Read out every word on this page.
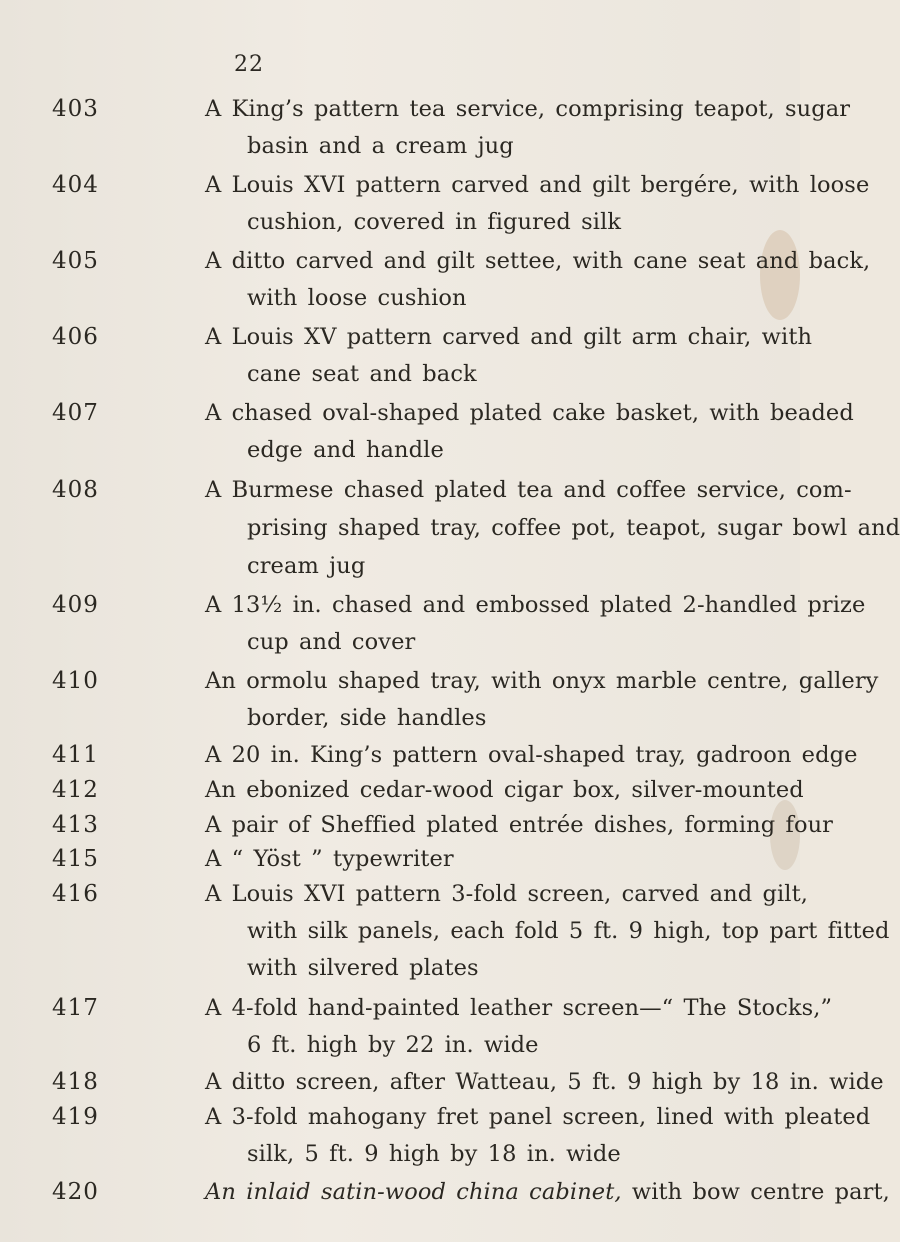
22
403	A King’s pattern tea service, comprising teapot, sugar
basin and a cream jug
404	A Louis XVI pattern carved and gilt bergére, with loose
cushion, covered in figured silk
405	A ditto carved and gilt settee, with cane seat and back,
with loose cushion
406	A Louis XV pattern carved and gilt arm chair, with
cane seat and back
407	A chased oval-shaped plated cake basket, with beaded
edge and handle
408	A Burmese chased plated tea and coffee service, com-
prising shaped tray, coffee pot, teapot, sugar bowl and
cream jug
409	A 13½ in. chased and embossed plated 2-handled prize
cup and cover
410	An ormolu shaped tray, with onyx marble centre, gallery
border, side handles
411	A 20 in. King’s pattern oval-shaped tray, gadroon edge
412	An ebonized cedar-wood cigar box, silver-mounted
413	A pair of Sheffied plated entrée dishes, forming four
415	A “ Yöst ” typewriter
416	A Louis XVI pattern 3-fold screen, carved and gilt,
with silk panels, each fold 5 ft. 9 high, top part fitted
with silvered plates
417	A 4-fold hand-painted leather screen—“ The Stocks,”
6 ft. high by 22 in. wide
418	A ditto screen, after Watteau, 5 ft. 9 high by 18 in. wide
419	A 3-fold mahogany fret panel screen, lined with pleated
silk, 5 ft. 9 high by 18 in. wide
420	An inlaid satin-wood china cabinet, with bow centre part,
